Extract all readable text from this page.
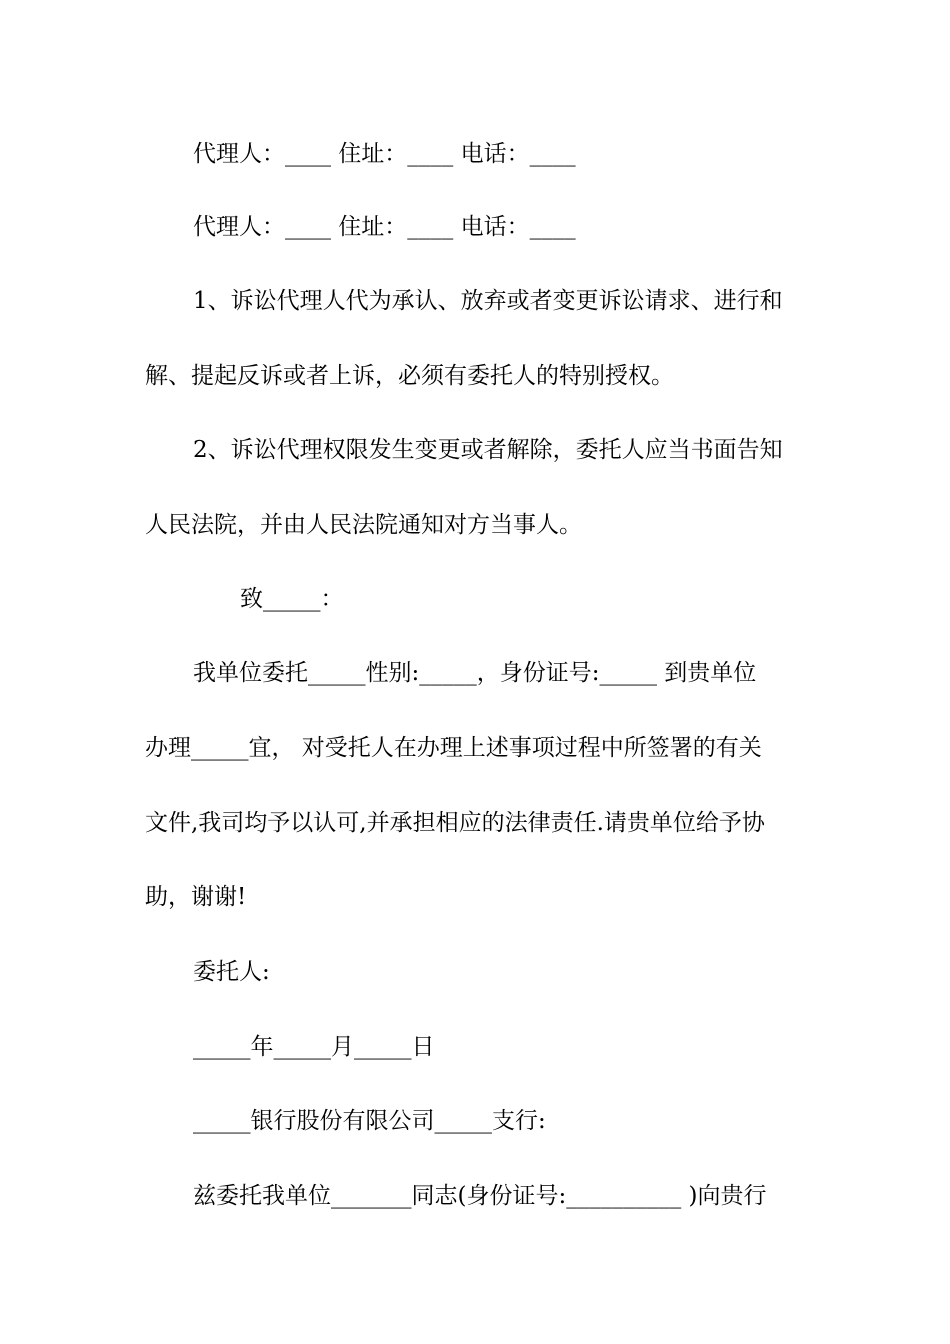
代理人：____ 住址：____ 电话：____
代理人：____ 住址：____ 电话：____
1、诉讼代理人代为承认、放弃或者变更诉讼请求、进行和
解、提起反诉或者上诉，必须有委托人的特别授权。
2、诉讼代理权限发生变更或者解除，委托人应当书面告知
人民法院，并由人民法院通知对方当事人。
致_____：
我单位委托_____性别:_____，身份证号:_____ 到贵单位
办理_____宜， 对受托人在办理上述事项过程中所签署的有关
文件,我司均予以认可,并承担相应的法律责任.请贵单位给予协
助，谢谢!
委托人:
_____年_____月_____日
_____银行股份有限公司_____支行:
兹委托我单位_______同志(身份证号:__________ )向贵行
